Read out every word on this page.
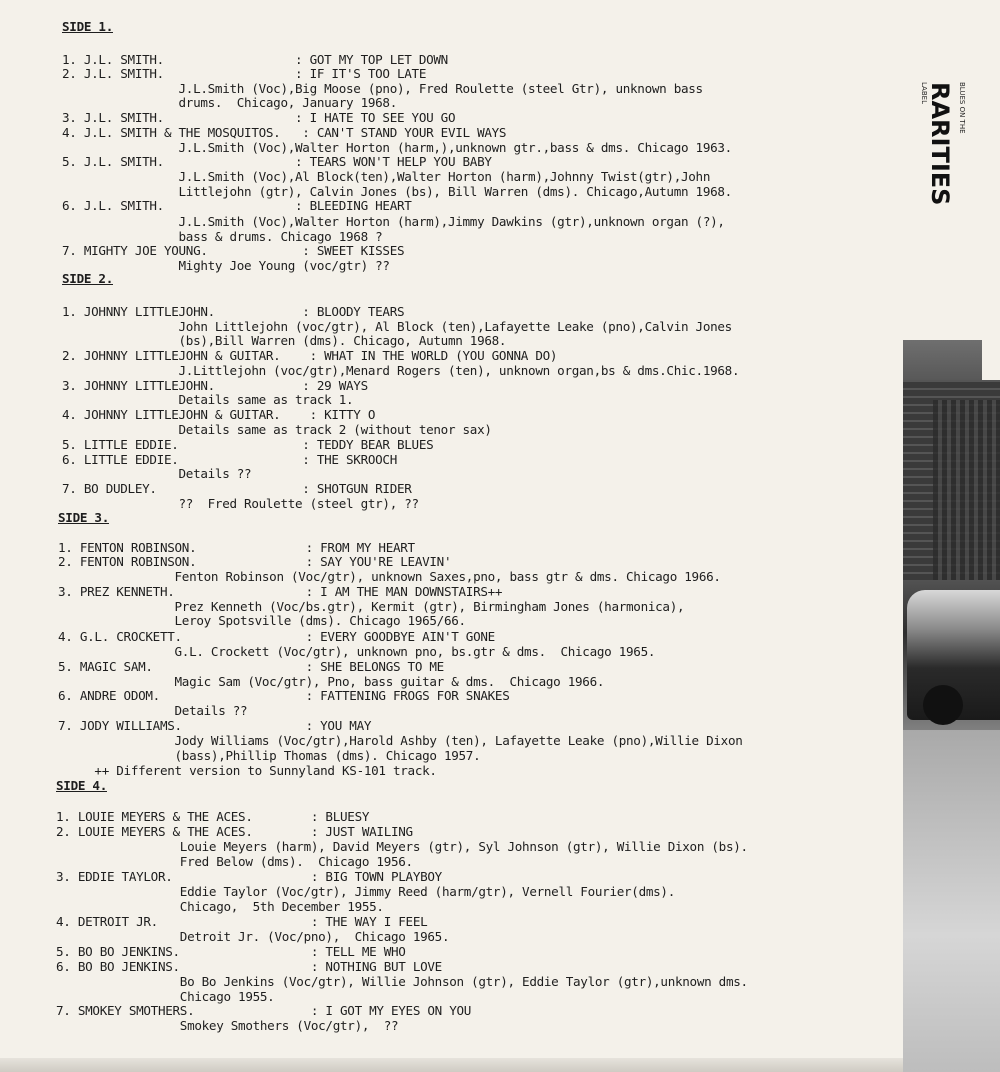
SIDE 1.
1. J.L. SMITH.                  : GOT MY TOP LET DOWN
2. J.L. SMITH.                  : IF IT'S TOO LATE
J.L.Smith (Voc),Big Moose (pno), Fred Roulette (steel Gtr), unknown bass
drums.  Chicago, January 1968.
3. J.L. SMITH.                  : I HATE TO SEE YOU GO
4. J.L. SMITH & THE MOSQUITOS.   : CAN'T STAND YOUR EVIL WAYS
J.L.Smith (Voc),Walter Horton (harm,),unknown gtr.,bass & dms. Chicago 1963.
5. J.L. SMITH.                  : TEARS WON'T HELP YOU BABY
J.L.Smith (Voc),Al Block(ten),Walter Horton (harm),Johnny Twist(gtr),John
Littlejohn (gtr), Calvin Jones (bs), Bill Warren (dms). Chicago,Autumn 1968.
6. J.L. SMITH.                  : BLEEDING HEART
J.L.Smith (Voc),Walter Horton (harm),Jimmy Dawkins (gtr),unknown organ (?),
bass & drums. Chicago 1968 ?
7. MIGHTY JOE YOUNG.             : SWEET KISSES
Mighty Joe Young (voc/gtr) ??
SIDE 2.
1. JOHNNY LITTLEJOHN.            : BLOODY TEARS
John Littlejohn (voc/gtr), Al Block (ten),Lafayette Leake (pno),Calvin Jones
(bs),Bill Warren (dms). Chicago, Autumn 1968.
2. JOHNNY LITTLEJOHN & GUITAR.    : WHAT IN THE WORLD (YOU GONNA DO)
J.Littlejohn (voc/gtr),Menard Rogers (ten), unknown organ,bs & dms.Chic.1968.
3. JOHNNY LITTLEJOHN.            : 29 WAYS
Details same as track 1.
4. JOHNNY LITTLEJOHN & GUITAR.    : KITTY O
Details same as track 2 (without tenor sax)
5. LITTLE EDDIE.                 : TEDDY BEAR BLUES
6. LITTLE EDDIE.                 : THE SKROOCH
Details ??
7. BO DUDLEY.                    : SHOTGUN RIDER
??  Fred Roulette (steel gtr), ??
SIDE 3.
1. FENTON ROBINSON.               : FROM MY HEART
2. FENTON ROBINSON.               : SAY YOU'RE LEAVIN'
Fenton Robinson (Voc/gtr), unknown Saxes,pno, bass gtr & dms. Chicago 1966.
3. PREZ KENNETH.                  : I AM THE MAN DOWNSTAIRS++
Prez Kenneth (Voc/bs.gtr), Kermit (gtr), Birmingham Jones (harmonica),
Leroy Spotsville (dms). Chicago 1965/66.
4. G.L. CROCKETT.                 : EVERY GOODBYE AIN'T GONE
G.L. Crockett (Voc/gtr), unknown pno, bs.gtr & dms.  Chicago 1965.
5. MAGIC SAM.                     : SHE BELONGS TO ME
Magic Sam (Voc/gtr), Pno, bass guitar & dms.  Chicago 1966.
6. ANDRE ODOM.                    : FATTENING FROGS FOR SNAKES
Details ??
7. JODY WILLIAMS.                 : YOU MAY
Jody Williams (Voc/gtr),Harold Ashby (ten), Lafayette Leake (pno),Willie Dixon
(bass),Phillip Thomas (dms). Chicago 1957.
++ Different version to Sunnyland KS-101 track.
SIDE 4.
1. LOUIE MEYERS & THE ACES.        : BLUESY
2. LOUIE MEYERS & THE ACES.        : JUST WAILING
Louie Meyers (harm), David Meyers (gtr), Syl Johnson (gtr), Willie Dixon (bs).
Fred Below (dms).  Chicago 1956.
3. EDDIE TAYLOR.                   : BIG TOWN PLAYBOY
Eddie Taylor (Voc/gtr), Jimmy Reed (harm/gtr), Vernell Fourier(dms).
Chicago,  5th December 1955.
4. DETROIT JR.                     : THE WAY I FEEL
Detroit Jr. (Voc/pno),  Chicago 1965.
5. BO BO JENKINS.                  : TELL ME WHO
6. BO BO JENKINS.                  : NOTHING BUT LOVE
Bo Bo Jenkins (Voc/gtr), Willie Johnson (gtr), Eddie Taylor (gtr),unknown dms.
Chicago 1955.
7. SMOKEY SMOTHERS.                : I GOT MY EYES ON YOU
Smokey Smothers (Voc/gtr),  ??
BLUES ON THE
RARITIES
LABEL
